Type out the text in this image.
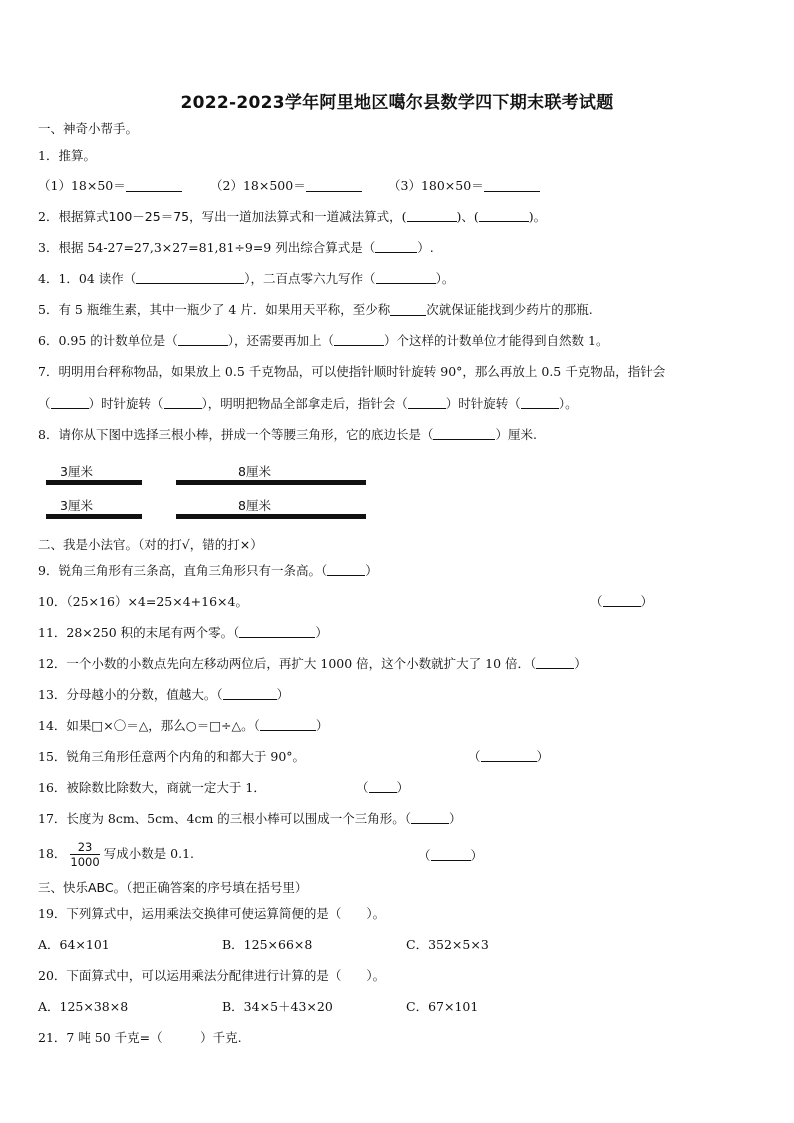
2022-2023学年阿里地区噶尔县数学四下期末联考试题
一、神奇小帮手。
1．推算。
（1）18×50＝	（2）18×500＝	（3）180×50＝
2．根据算式100－25＝75，写出一道加法算式和一道减法算式，(	)、(	)。
3．根据 54-27=27,3×27=81,81÷9=9 列出综合算式是（	）.
4．1．04 读作（	），二百点零六九写作（	）。
5．有 5 瓶维生素，其中一瓶少了 4 片．如果用天平称，至少称	次就保证能找到少药片的那瓶.
6．0.95 的计数单位是（	），还需要再加上（	）个这样的计数单位才能得到自然数 1。
7．明明用台秤称物品，如果放上 0.5 千克物品，可以使指针顺时针旋转 90°，那么再放上 0.5 千克物品，指针会
（	）时针旋转（	），明明把物品全部拿走后，指针会（	）时针旋转（	）。
8．请你从下图中选择三根小棒，拼成一个等腰三角形，它的底边长是（	）厘米.
3厘米	8厘米
3厘米	8厘米
二、我是小法官。（对的打√，错的打×）
9．锐角三角形有三条高，直角三角形只有一条高。（	）
10．（25×16）×4=25×4+16×4。	（	）
11．28×250 积的末尾有两个零。（	）
12．一个小数的小数点先向左移动两位后，再扩大 1000 倍，这个小数就扩大了 10 倍．（	）
13．分母越小的分数，值越大。（	）
14．如果□×〇＝△，那么○＝□÷△。（	）
15．锐角三角形任意两个内角的和都大于 90°。	（	）
16．被除数比除数大，商就一定大于 1．	（ ）
17．长度为 8cm、5cm、4cm 的三根小棒可以围成一个三角形。（	）
18． $\frac{23}{1000}$ 写成小数是 0.1.	（	）
三、快乐ABC。（把正确答案的序号填在括号里）
19．下列算式中，运用乘法交换律可使运算简便的是（　　）。
A．64×101	B．125×66×8	C．352×5×3
20．下面算式中，可以运用乘法分配律进行计算的是（　　）。
A．125×38×8	B．34×5＋43×20	C．67×101
21．7 吨 50 千克=（　　　）千克.
